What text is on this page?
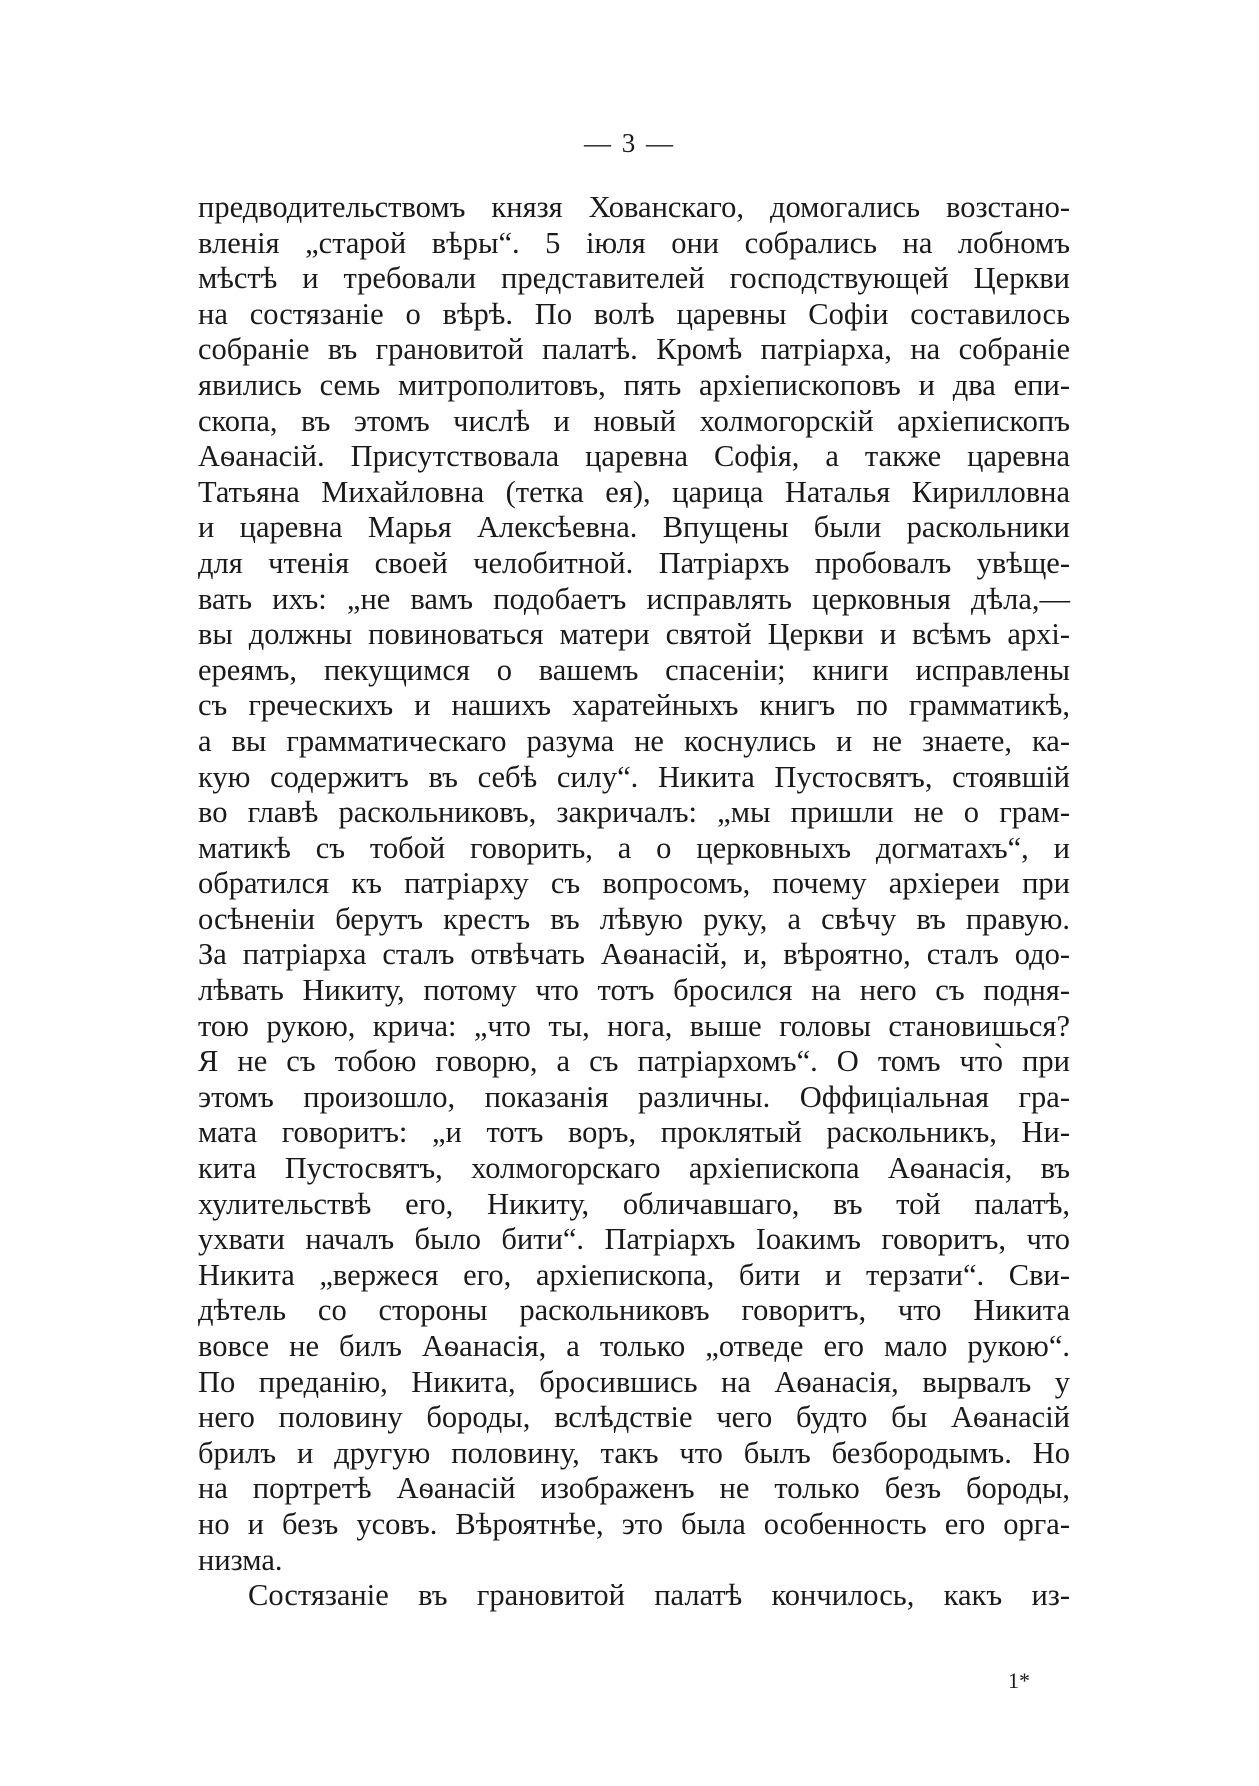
— 3 —
предводительствомъ князя Хованскаго, домогались возстано-
вленія „старой вѣры“. 5 іюля они собрались на лобномъ
мѣстѣ и требовали представителей господствующей Церкви
на состязаніе о вѣрѣ. По волѣ царевны Софіи составилось
собраніе въ грановитой палатѣ. Кромѣ патріарха, на собраніе
явились семь митрополитовъ, пять архіепископовъ и два епи-
скопа, въ этомъ числѣ и новый холмогорскій архіепископъ
Аѳанасій. Присутствовала царевна Софія, а также царевна
Татьяна Михайловна (тетка ея), царица Наталья Кирилловна
и царевна Марья Алексѣевна. Впущены были раскольники
для чтенія своей челобитной. Патріархъ пробовалъ увѣще-
вать ихъ: „не вамъ подобаетъ исправлять церковныя дѣла,—
вы должны повиноваться матери святой Церкви и всѣмъ архі-
ереямъ, пекущимся о вашемъ спасеніи; книги исправлены
съ греческихъ и нашихъ харатейныхъ книгъ по грамматикѣ,
а вы грамматическаго разума не коснулись и не знаете, ка-
кую содержитъ въ себѣ силу“. Никита Пустосвятъ, стоявшій
во главѣ раскольниковъ, закричалъ: „мы пришли не о грам-
матикѣ съ тобой говорить, а о церковныхъ догматахъ“, и
обратился къ патріарху съ вопросомъ, почему архіереи при
осѣненіи берутъ крестъ въ лѣвую руку, а свѣчу въ правую.
За патріарха сталъ отвѣчать Аѳанасій, и, вѣроятно, сталъ одо-
лѣвать Никиту, потому что тотъ бросился на него съ подня-
тою рукою, крича: „что ты, нога, выше головы становишься?
Я не съ тобою говорю, а съ патріархомъ“. О томъ что̀ при
этомъ произошло, показанія различны. Оффиціальная гра-
мата говоритъ: „и тотъ воръ, проклятый раскольникъ, Ни-
кита Пустосвятъ, холмогорскаго архіепископа Аѳанасія, въ
хулительствѣ его, Никиту, обличавшаго, въ той палатѣ,
ухвати началъ было бити“. Патріархъ Іоакимъ говоритъ, что
Никита „вержеся его, архіепископа, бити и терзати“. Сви-
дѣтель со стороны раскольниковъ говоритъ, что Никита
вовсе не билъ Аѳанасія, а только „отведе его мало рукою“.
По преданію, Никита, бросившись на Аѳанасія, вырвалъ у
него половину бороды, вслѣдствіе чего будто бы Аѳанасій
брилъ и другую половину, такъ что былъ безбородымъ. Но
на портретѣ Аѳанасій изображенъ не только безъ бороды,
но и безъ усовъ. Вѣроятнѣе, это была особенность его орга-
низма.
Состязаніе въ грановитой палатѣ кончилось, какъ из-
1*
